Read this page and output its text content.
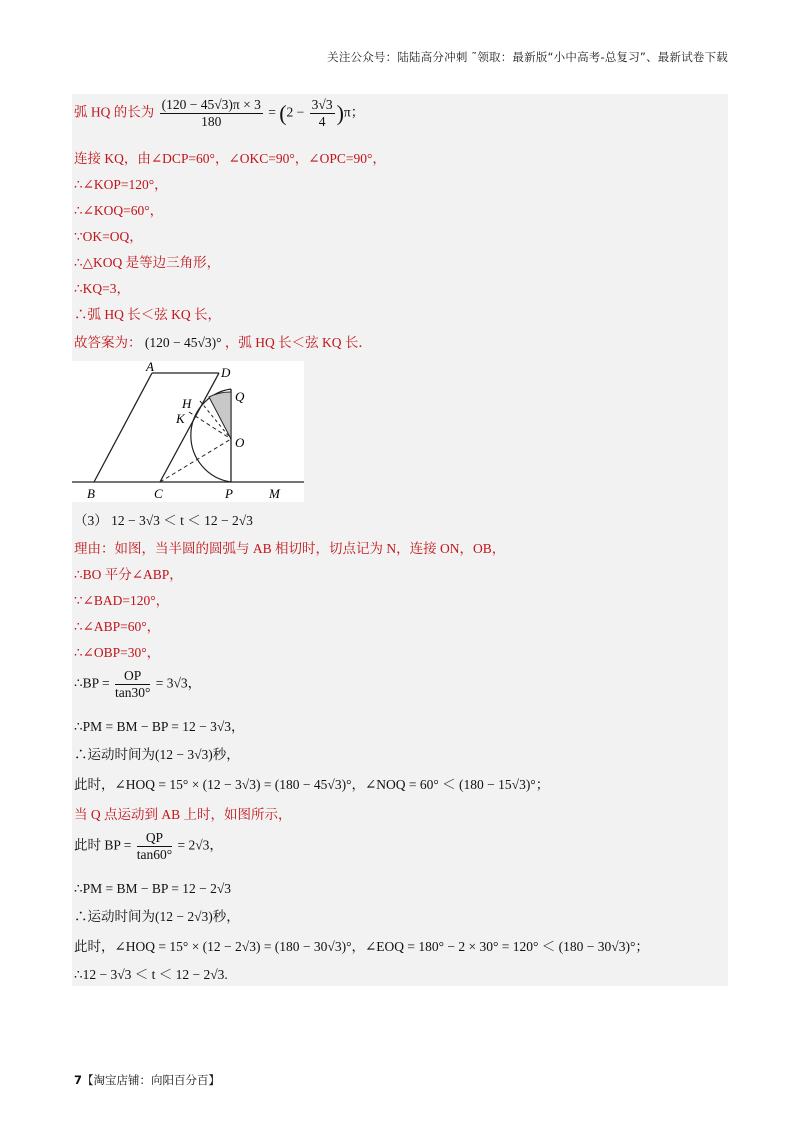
关注公众号：陆陆高分冲刺 ˜领取：最新版“小中高考-总复习”、最新试卷下载
弧 HQ 的长为 $\frac{(120 - 45√3)\pi \times 3}{180} = (2 - \frac{3√3}{4} )\pi$；
连接 KQ，由∠DCP=60°，∠OKC=90°，∠OPC=90°，
∴∠KOP=120°，
∴∠KOQ=60°，
∵OK=OQ，
∴△KOQ 是等边三角形，
∴KQ=3，
∴弧 HQ 长＜弦 KQ 长，
故答案为： (120 − 45√3)° ，弧 HQ 长＜弦 KQ 长．
A	D
Q
H
K
O
B	C	P	M
（3） 12 − 3√3 ＜ t ＜ 12 − 2√3
理由：如图，当半圆的圆弧与 AB 相切时，切点记为 N，连接 ON，OB，
∴BO 平分∠ABP，
∵∠BAD=120°，
∴∠ABP=60°，
∴∠OBP=30°，
∴BP = $\frac{OP}{\tan 30^\circ} = 3√3$，
∴PM = BM − BP = 12 − 3√3，
∴运动时间为(12 − 3√3)秒，
此时，∠HOQ = 15° × (12 − 3√3) = (180 − 45√3)°，∠NOQ = 60° ＜ (180 − 15√3)°；
当 Q 点运动到 AB 上时，如图所示，
此时 BP = $\frac{QP}{\tan 60^\circ} = 2√3$，
∴PM = BM − BP = 12 − 2√3
∴运动时间为(12 − 2√3)秒，
此时，∠HOQ = 15° × (12 − 2√3) = (180 − 30√3)°，∠EOQ = 180° − 2 × 30° = 120° ＜ (180 − 30√3)°；
∴12 − 3√3 ＜ t ＜ 12 − 2√3.
7【淘宝店铺：向阳百分百】
